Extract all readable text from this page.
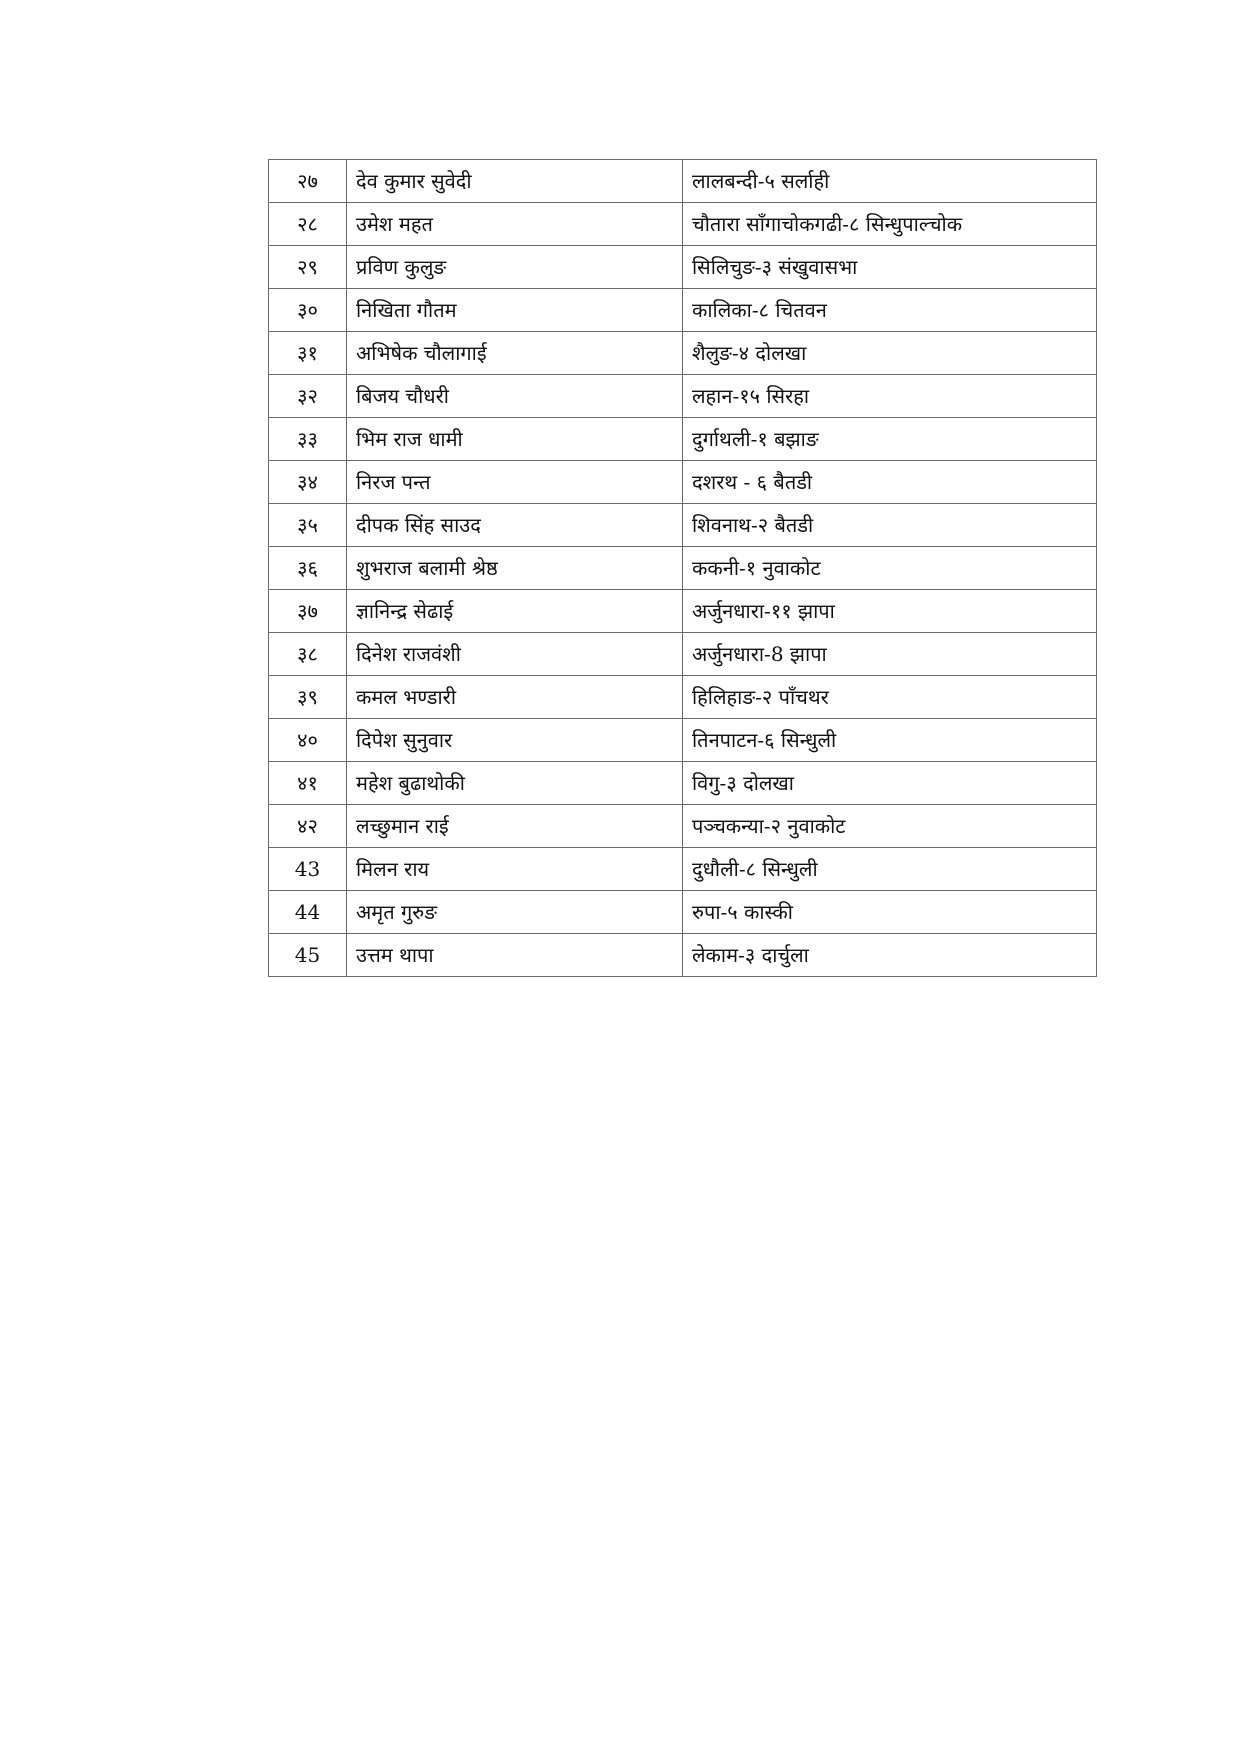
२७	देव कुमार सुवेदी	लालबन्दी-५ सर्लाही
२८	उमेश महत	चौतारा साँगाचोकगढी-८ सिन्धुपाल्चोक
२९	प्रविण कुलुङ	सिलिचुङ-३ संखुवासभा
३०	निखिता गौतम	कालिका-८ चितवन
३१	अभिषेक चौलागाई	शैलुङ-४ दोलखा
३२	बिजय चौधरी	लहान-१५ सिरहा
३३	भिम राज धामी	दुर्गाथली-१ बझाङ
३४	निरज पन्त	दशरथ - ६ बैतडी
३५	दीपक सिंह साउद	शिवनाथ-२ बैतडी
३६	शुभराज बलामी श्रेष्ठ	ककनी-१ नुवाकोट
३७	ज्ञानिन्द्र सेढाई	अर्जुनधारा-११ झापा
३८	दिनेश राजवंशी	अर्जुनधारा-8 झापा
३९	कमल भण्डारी	हिलिहाङ-२ पाँचथर
४०	दिपेश सुनुवार	तिनपाटन-६ सिन्धुली
४१	महेश बुढाथोकी	विगु-३ दोलखा
४२	लच्छुमान राई	पञ्चकन्या-२ नुवाकोट
43	मिलन राय	दुधौली-८ सिन्धुली
44	अमृत गुरुङ	रुपा-५ कास्की
45	उत्तम थापा	लेकाम-३ दार्चुला
